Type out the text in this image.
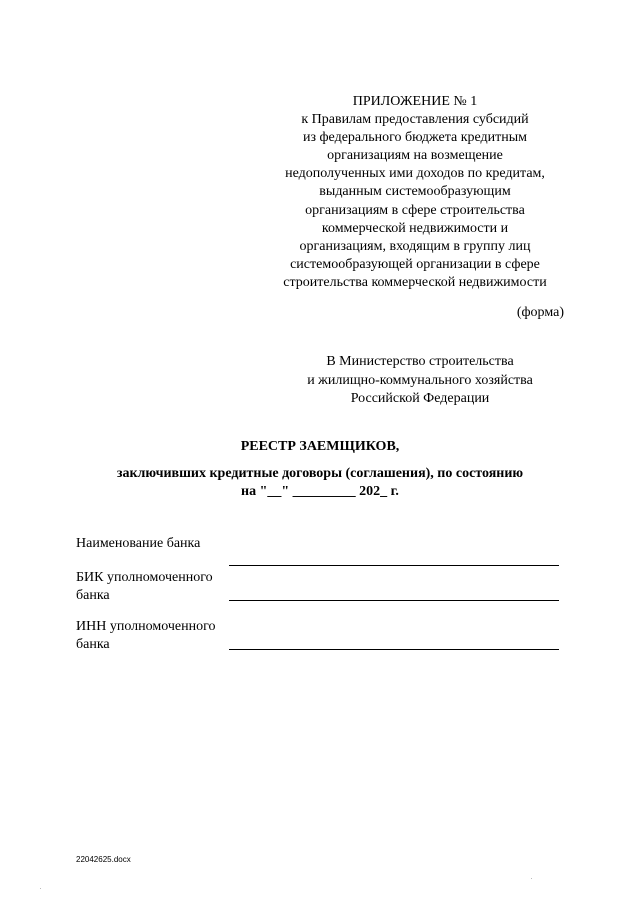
ПРИЛОЖЕНИЕ № 1
к Правилам предоставления субсидий
из федерального бюджета кредитным
организациям на возмещение
недополученных ими доходов по кредитам,
выданным системообразующим
организациям в сфере строительства
коммерческой недвижимости и
организациям, входящим в группу лиц
системообразующей организации в сфере
строительства коммерческой недвижимости
(форма)
В Министерство строительства
и жилищно-коммунального хозяйства
Российской Федерации
РЕЕСТР ЗАЕМЩИКОВ,
заключивших кредитные договоры (соглашения), по состоянию
на "__" _________ 202_ г.
Наименование банка
БИК уполномоченного
банка
ИНН уполномоченного
банка
22042625.docx
